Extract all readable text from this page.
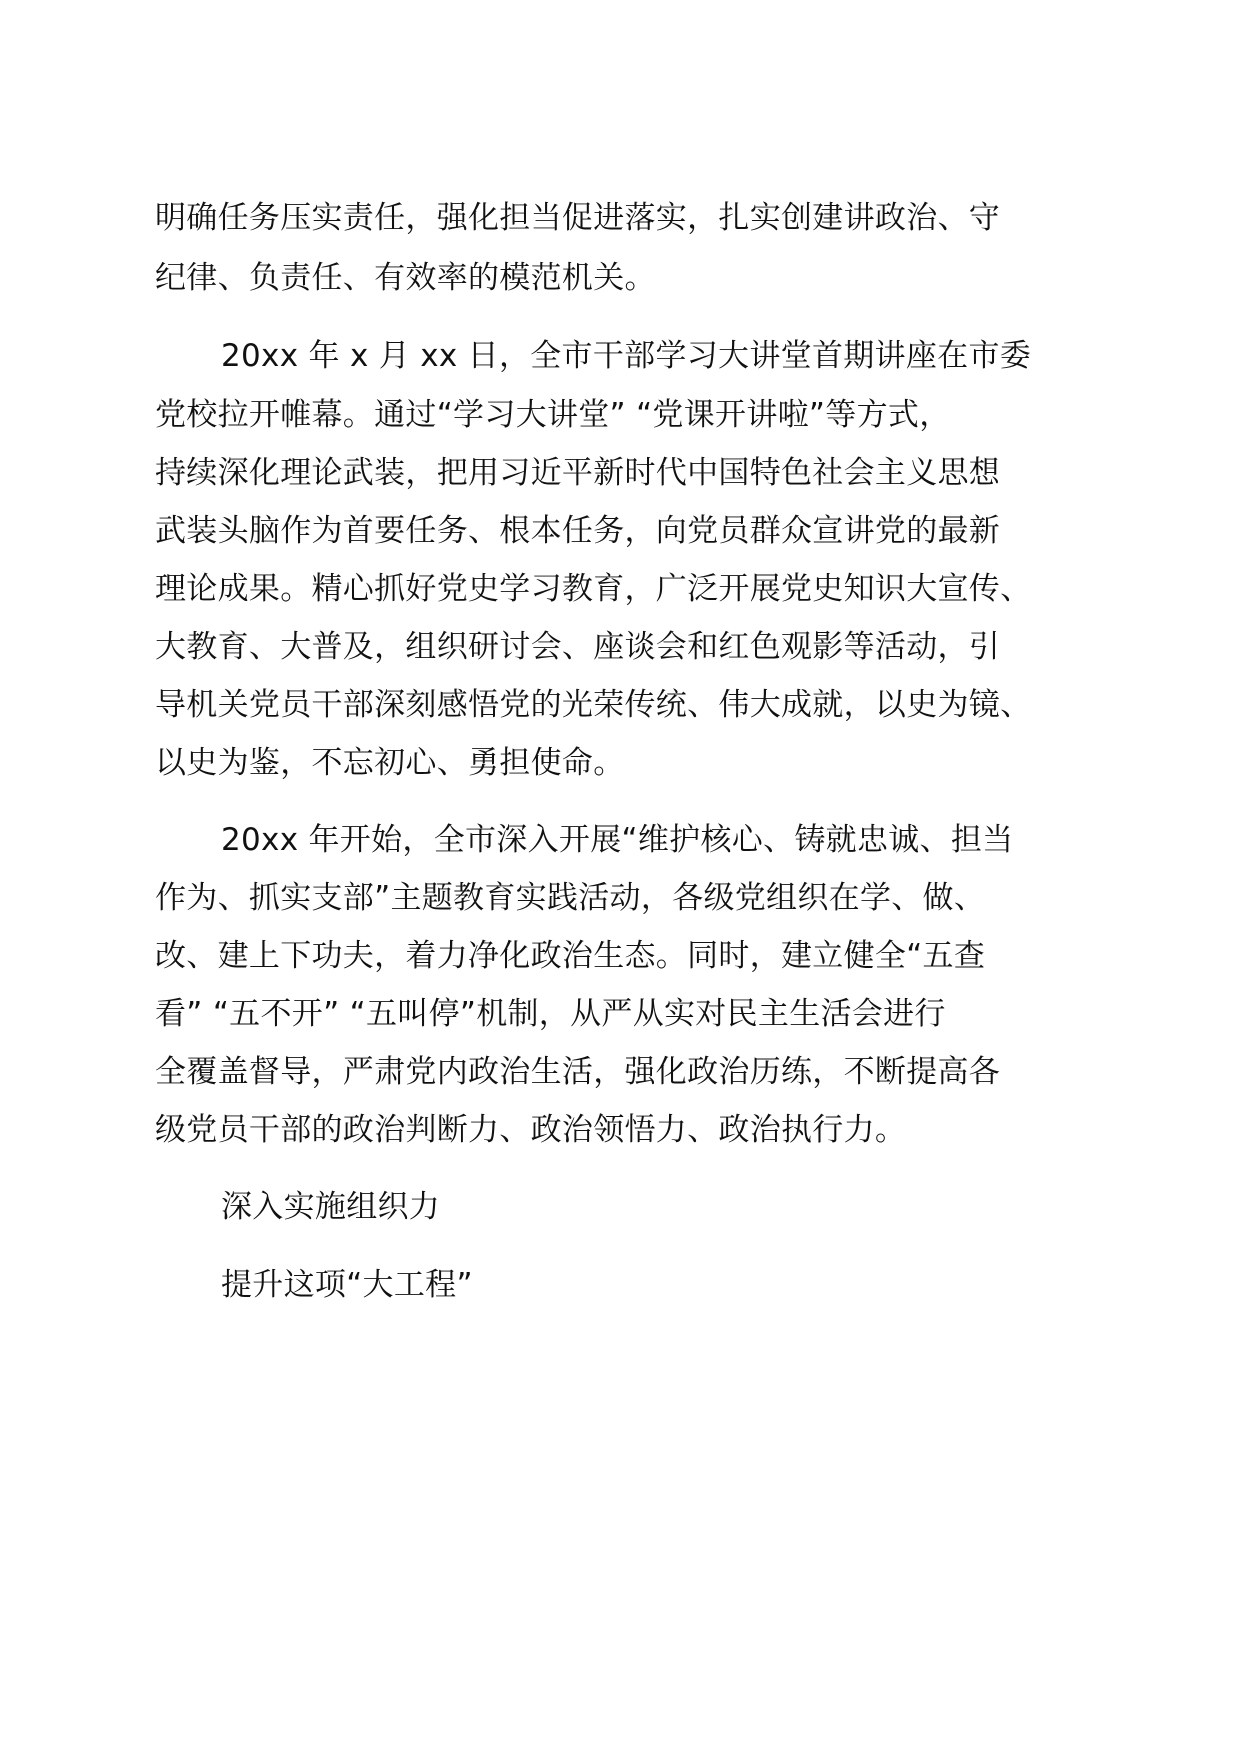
明确任务压实责任，强化担当促进落实，扎实创建讲政治、守
纪律、负责任、有效率的模范机关。
20xx 年 x 月 xx 日，全市干部学习大讲堂首期讲座在市委
党校拉开帷幕。通过“学习大讲堂” “党课开讲啦”等方式，
持续深化理论武装，把用习近平新时代中国特色社会主义思想
武装头脑作为首要任务、根本任务，向党员群众宣讲党的最新
理论成果。精心抓好党史学习教育，广泛开展党史知识大宣传、
大教育、大普及，组织研讨会、座谈会和红色观影等活动，引
导机关党员干部深刻感悟党的光荣传统、伟大成就，以史为镜、
以史为鉴，不忘初心、勇担使命。
20xx 年开始，全市深入开展“维护核心、铸就忠诚、担当
作为、抓实支部”主题教育实践活动，各级党组织在学、做、
改、建上下功夫，着力净化政治生态。同时，建立健全“五查
看” “五不开” “五叫停”机制，从严从实对民主生活会进行
全覆盖督导，严肃党内政治生活，强化政治历练，不断提高各
级党员干部的政治判断力、政治领悟力、政治执行力。
深入实施组织力
提升这项“大工程”
